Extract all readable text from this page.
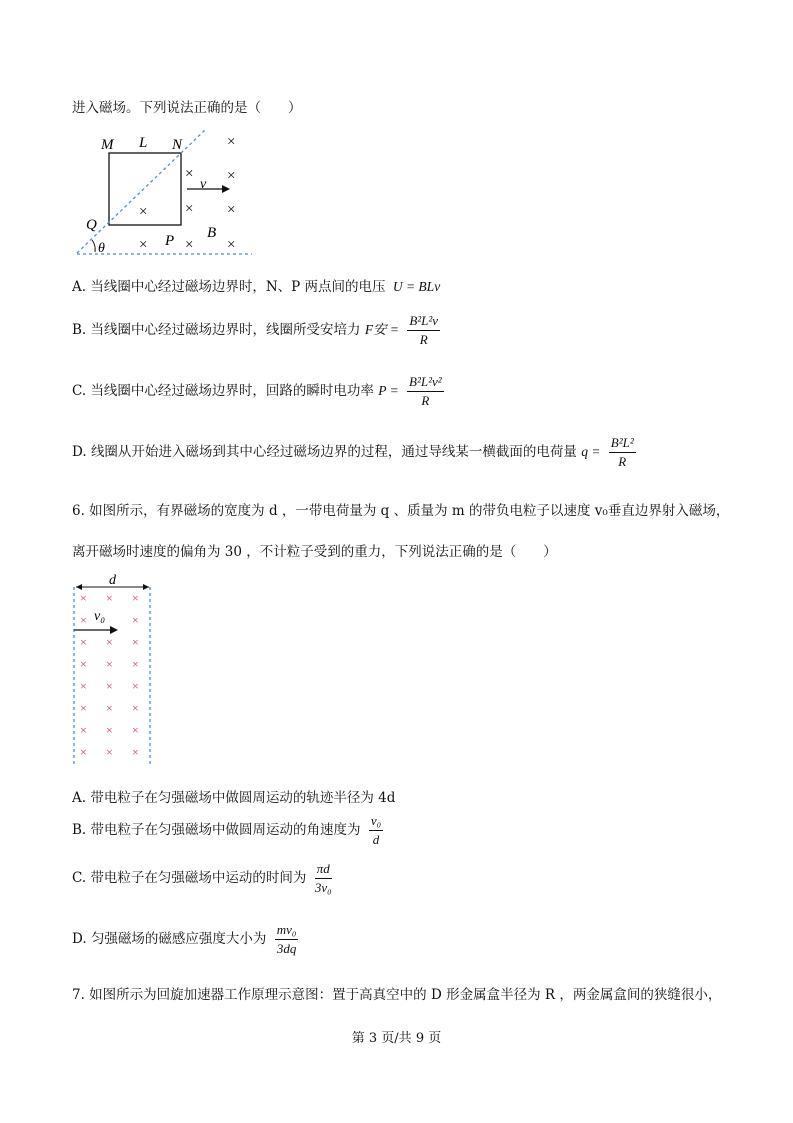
进入磁场。下列说法正确的是（　　）
M L N
Q
P B
v
θ
×
× ×
× ×
×
×	× ×
A. 当线圈中心经过磁场边界时，N、P 两点间的电压 U = BLv
B. 当线圈中心经过磁场边界时，线圈所受安培力 F安 = $\frac{\text{B²L²v}}{R}$
C. 当线圈中心经过磁场边界时，回路的瞬时电功率 $P = \frac{\text{B²L²v²}}{R}$
D. 线圈从开始进入磁场到其中心经过磁场边界的过程，通过导线某一横截面的电荷量 $q = \frac{\text{B²L²}}{R}$
6. 如图所示，有界磁场的宽度为 d ，一带电荷量为 q 、质量为 m 的带负电粒子以速度 v₀垂直边界射入磁场，
离开磁场时速度的偏角为 30 ，不计粒子受到的重力，下列说法正确的是（　　）
d
v₀
× × ×
×	×
× × ×
× × ×
× × ×
× × ×
× × ×
× × ×
A. 带电粒子在匀强磁场中做圆周运动的轨迹半径为 4d
B. 带电粒子在匀强磁场中做圆周运动的角速度为 $\frac{\text{v₀}}{d}$
C. 带电粒子在匀强磁场中运动的时间为 $\frac{\pi d}{\text{3v₀}}$
D. 匀强磁场的磁感应强度大小为 $\frac{\text{mv₀}}{3dq}$
7. 如图所示为回旋加速器工作原理示意图：置于高真空中的 D 形金属盒半径为 R ，两金属盒间的狭缝很小，
第 3 页/共 9 页
